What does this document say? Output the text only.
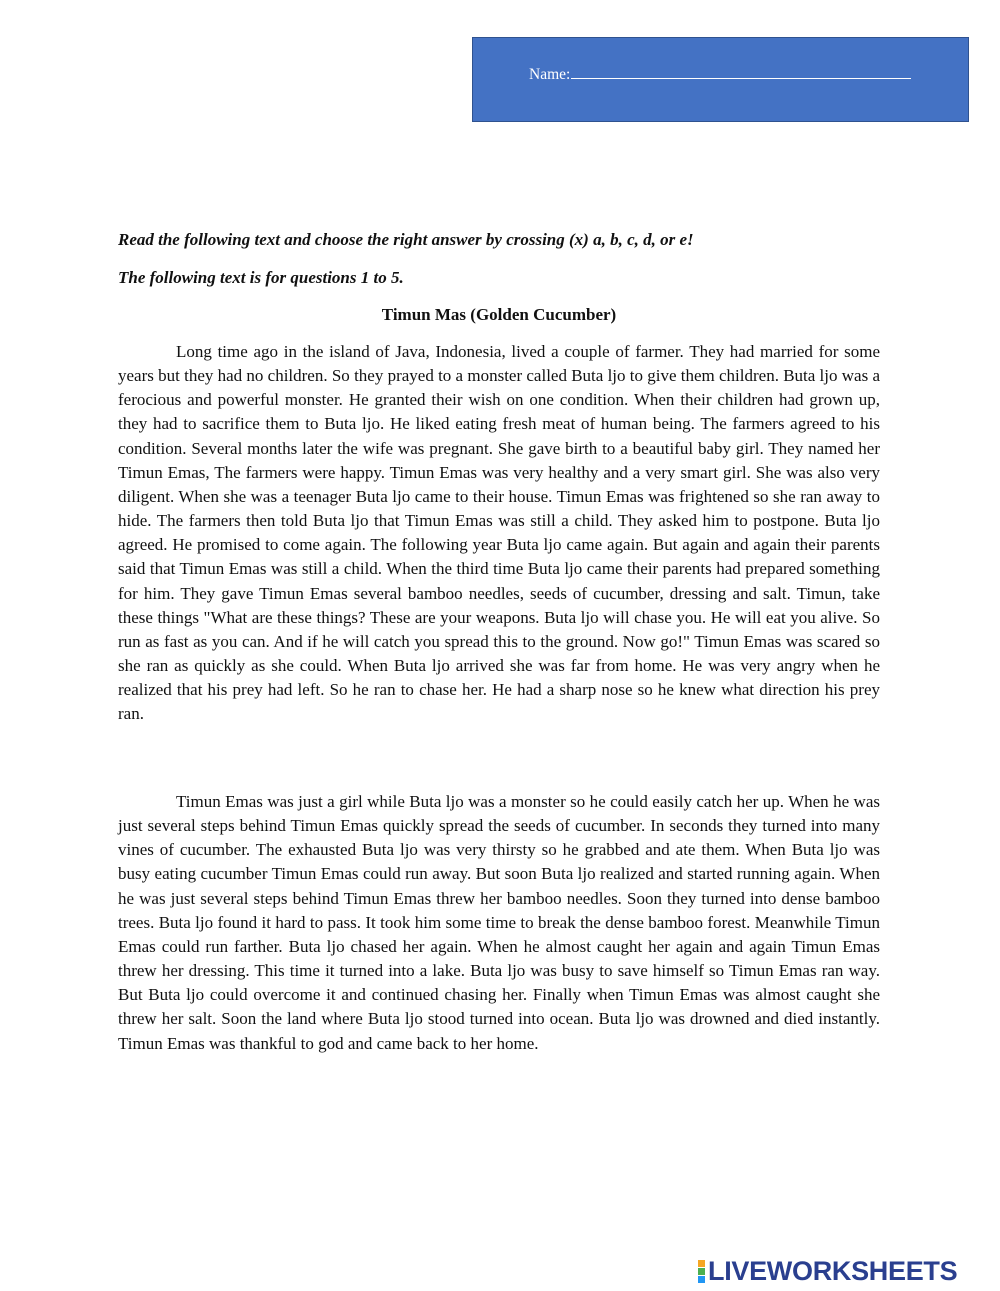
Name:
Read the following text and choose the right answer by crossing (x) a, b, c, d, or e!
The following text is for questions 1 to 5.
Timun Mas (Golden Cucumber)

Long time ago in the island of Java, Indonesia, lived a couple of farmer. They had married for some years but they had no children. So they prayed to a monster called Buta ljo to give them children. Buta ljo was a ferocious and powerful monster. He granted their wish on one condition. When their children had grown up, they had to sacrifice them to Buta ljo. He liked eating fresh meat of human being. The farmers agreed to his condition. Several months later the wife was pregnant. She gave birth to a beautiful baby girl. They named her Timun Emas, The farmers were happy. Timun Emas was very healthy and a very smart girl. She was also very diligent. When she was a teenager Buta ljo came to their house. Timun Emas was frightened so she ran away to hide. The farmers then told Buta ljo that Timun Emas was still a child. They asked him to postpone. Buta ljo agreed. He promised to come again. The following year Buta ljo came again. But again and again their parents said that Timun Emas was still a child. When the third time Buta ljo came their parents had prepared something for him. They gave Timun Emas several bamboo needles, seeds of cucumber, dressing and salt. Timun, take these things "What are these things? These are your weapons. Buta ljo will chase you. He will eat you alive. So run as fast as you can. And if he will catch you spread this to the ground. Now go!" Timun Emas was scared so she ran as quickly as she could. When Buta ljo arrived she was far from home. He was very angry when he realized that his prey had left. So he ran to chase her. He had a sharp nose so he knew what direction his prey ran.

Timun Emas was just a girl while Buta ljo was a monster so he could easily catch her up. When he was just several steps behind Timun Emas quickly spread the seeds of cucumber. In seconds they turned into many vines of cucumber. The exhausted Buta ljo was very thirsty so he grabbed and ate them. When Buta ljo was busy eating cucumber Timun Emas could run away. But soon Buta ljo realized and started running again. When he was just several steps behind Timun Emas threw her bamboo needles. Soon they turned into dense bamboo trees. Buta ljo found it hard to pass. It took him some time to break the dense bamboo forest. Meanwhile Timun Emas could run farther. Buta ljo chased her again. When he almost caught her again and again Timun Emas threw her dressing. This time it turned into a lake. Buta ljo was busy to save himself so Timun Emas ran way. But Buta ljo could overcome it and continued chasing her. Finally when Timun Emas was almost caught she threw her salt. Soon the land where Buta ljo stood turned into ocean. Buta ljo was drowned and died instantly. Timun Emas was thankful to god and came back to her home.

LIVEWORKSHEETS
